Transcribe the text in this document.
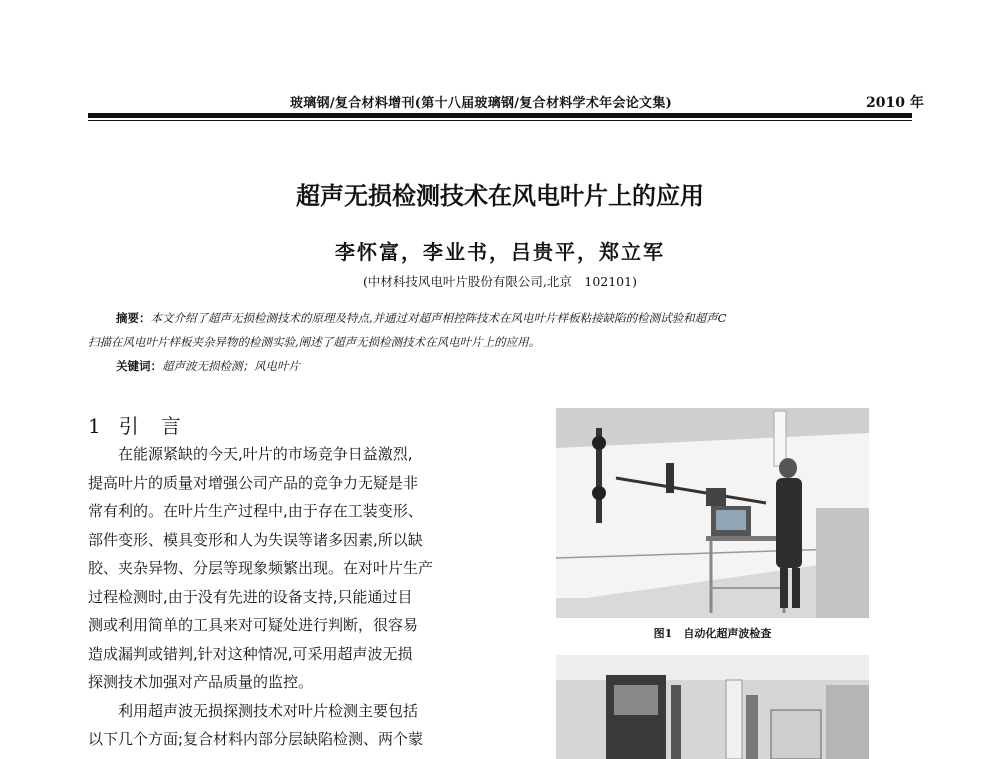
玻璃钢/复合材料增刊(第十八届玻璃钢/复合材料学术年会论文集)	2010 年
超声无损检测技术在风电叶片上的应用
李怀富，李业书，吕贵平，郑立军
(中材科技风电叶片股份有限公司,北京　102101)
摘要：本文介绍了超声无损检测技术的原理及特点,并通过对超声相控阵技术在风电叶片样板粘接缺陷的检测试验和超声C
扫描在风电叶片样板夹杂异物的检测实验,阐述了超声无损检测技术在风电叶片上的应用。
关键词：超声波无损检测；风电叶片
1 引 言

在能源紧缺的今天,叶片的市场竞争日益激烈,
提高叶片的质量对增强公司产品的竞争力无疑是非
常有利的。在叶片生产过程中,由于存在工装变形、
部件变形、模具变形和人为失误等诸多因素,所以缺
胶、夹杂异物、分层等现象频繁出现。在对叶片生产
过程检测时,由于没有先进的设备支持,只能通过目
测或利用简单的工具来对可疑处进行判断，很容易
造成漏判或错判,针对这种情况,可采用超声波无损
探测技术加强对产品质量的监控。

利用超声波无损探测技术对叶片检测主要包括
以下几个方面;复合材料内部分层缺陷检测、两个蒙

图1　自动化超声波检查
